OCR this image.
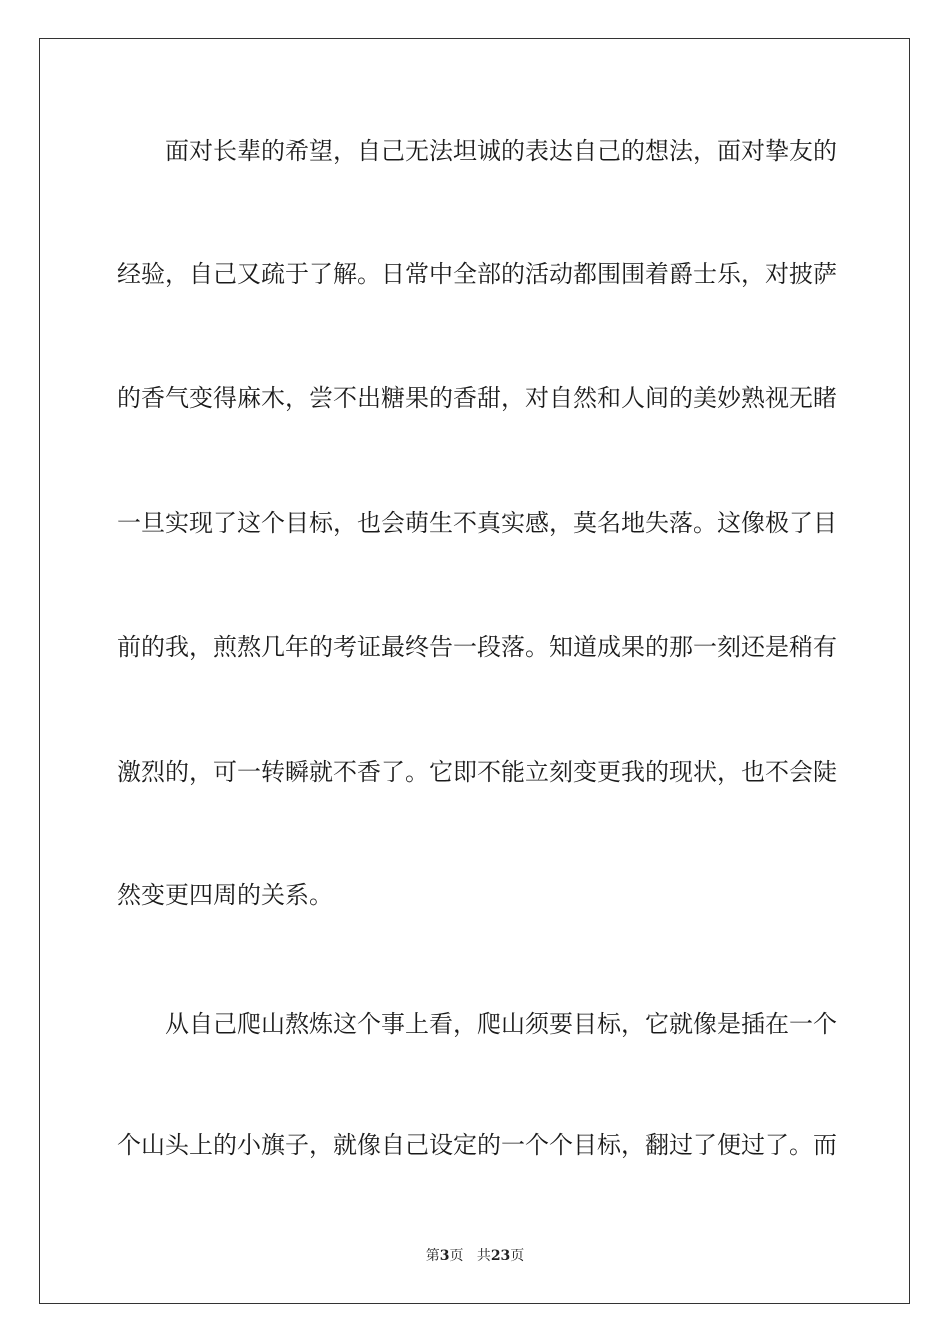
面对长辈的希望，自己无法坦诚的表达自己的想法，面对挚友的
经验，自己又疏于了解。日常中全部的活动都围围着爵士乐，对披萨
的香气变得麻木，尝不出糖果的香甜，对自然和人间的美妙熟视无睹
一旦实现了这个目标，也会萌生不真实感，莫名地失落。这像极了目
前的我，煎熬几年的考证最终告一段落。知道成果的那一刻还是稍有
激烈的，可一转瞬就不香了。它即不能立刻变更我的现状，也不会陡
然变更四周的关系。
从自己爬山熬炼这个事上看，爬山须要目标，它就像是插在一个
个山头上的小旗子，就像自己设定的一个个目标，翻过了便过了。而
第3页 共23页
